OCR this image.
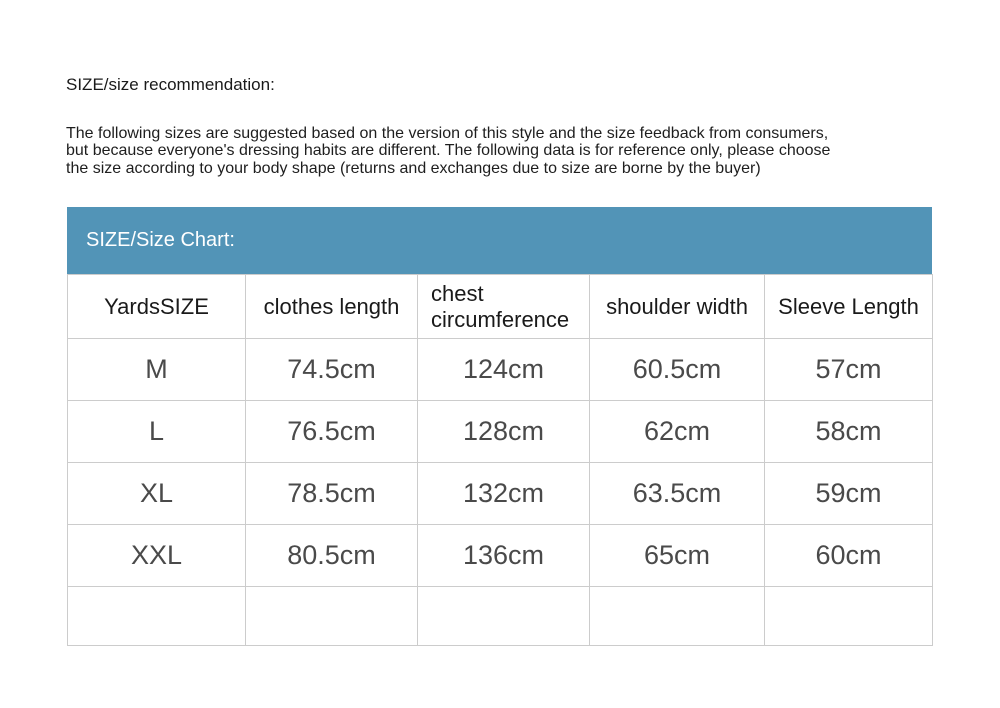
SIZE/size recommendation:
The following sizes are suggested based on the version of this style and the size feedback from consumers,
but because everyone's dressing habits are different. The following data is for reference only, please choose
the size according to your body shape (returns and exchanges due to size are borne by the buyer)
SIZE/Size Chart:
YardsSIZE	clothes length	chest circumference	shoulder width	Sleeve Length
M	74.5cm	124cm	60.5cm	57cm
L	76.5cm	128cm	62cm	58cm
XL	78.5cm	132cm	63.5cm	59cm
XXL	80.5cm	136cm	65cm	60cm
